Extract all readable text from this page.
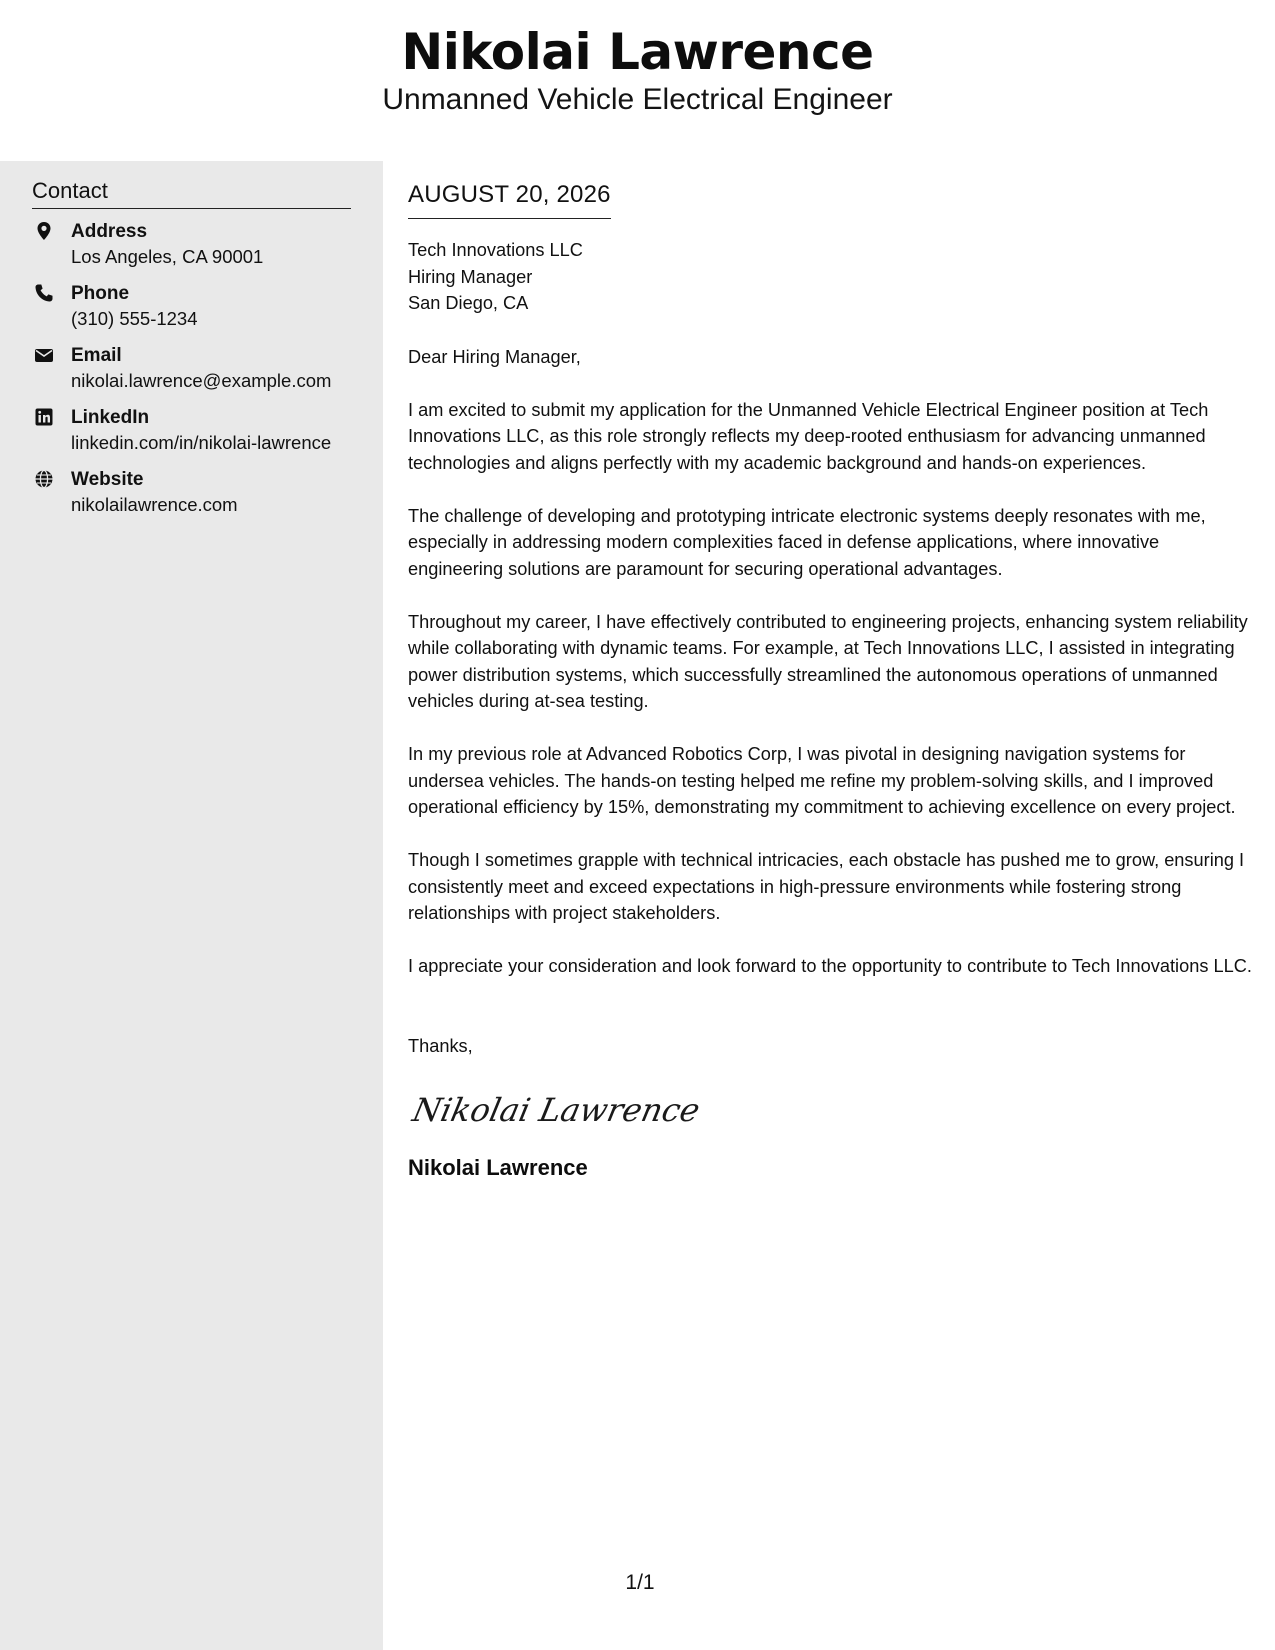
Nikolai Lawrence
Unmanned Vehicle Electrical Engineer
Contact
Address
Los Angeles, CA 90001
Phone
(310) 555-1234
Email
nikolai.lawrence@example.com
LinkedIn
linkedin.com/in/nikolai-lawrence
Website
nikolailawrence.com
AUGUST 20, 2026
Tech Innovations LLC
Hiring Manager
San Diego, CA
Dear Hiring Manager,
I am excited to submit my application for the Unmanned Vehicle Electrical Engineer position at Tech Innovations LLC, as this role strongly reflects my deep-rooted enthusiasm for advancing unmanned technologies and aligns perfectly with my academic background and hands-on experiences.
The challenge of developing and prototyping intricate electronic systems deeply resonates with me, especially in addressing modern complexities faced in defense applications, where innovative engineering solutions are paramount for securing operational advantages.
Throughout my career, I have effectively contributed to engineering projects, enhancing system reliability while collaborating with dynamic teams. For example, at Tech Innovations LLC, I assisted in integrating power distribution systems, which successfully streamlined the autonomous operations of unmanned vehicles during at-sea testing.
In my previous role at Advanced Robotics Corp, I was pivotal in designing navigation systems for undersea vehicles. The hands-on testing helped me refine my problem-solving skills, and I improved operational efficiency by 15%, demonstrating my commitment to achieving excellence on every project.
Though I sometimes grapple with technical intricacies, each obstacle has pushed me to grow, ensuring I consistently meet and exceed expectations in high-pressure environments while fostering strong relationships with project stakeholders.
I appreciate your consideration and look forward to the opportunity to contribute to Tech Innovations LLC.
Thanks,
Nikolai Lawrence
Nikolai Lawrence
1/1
